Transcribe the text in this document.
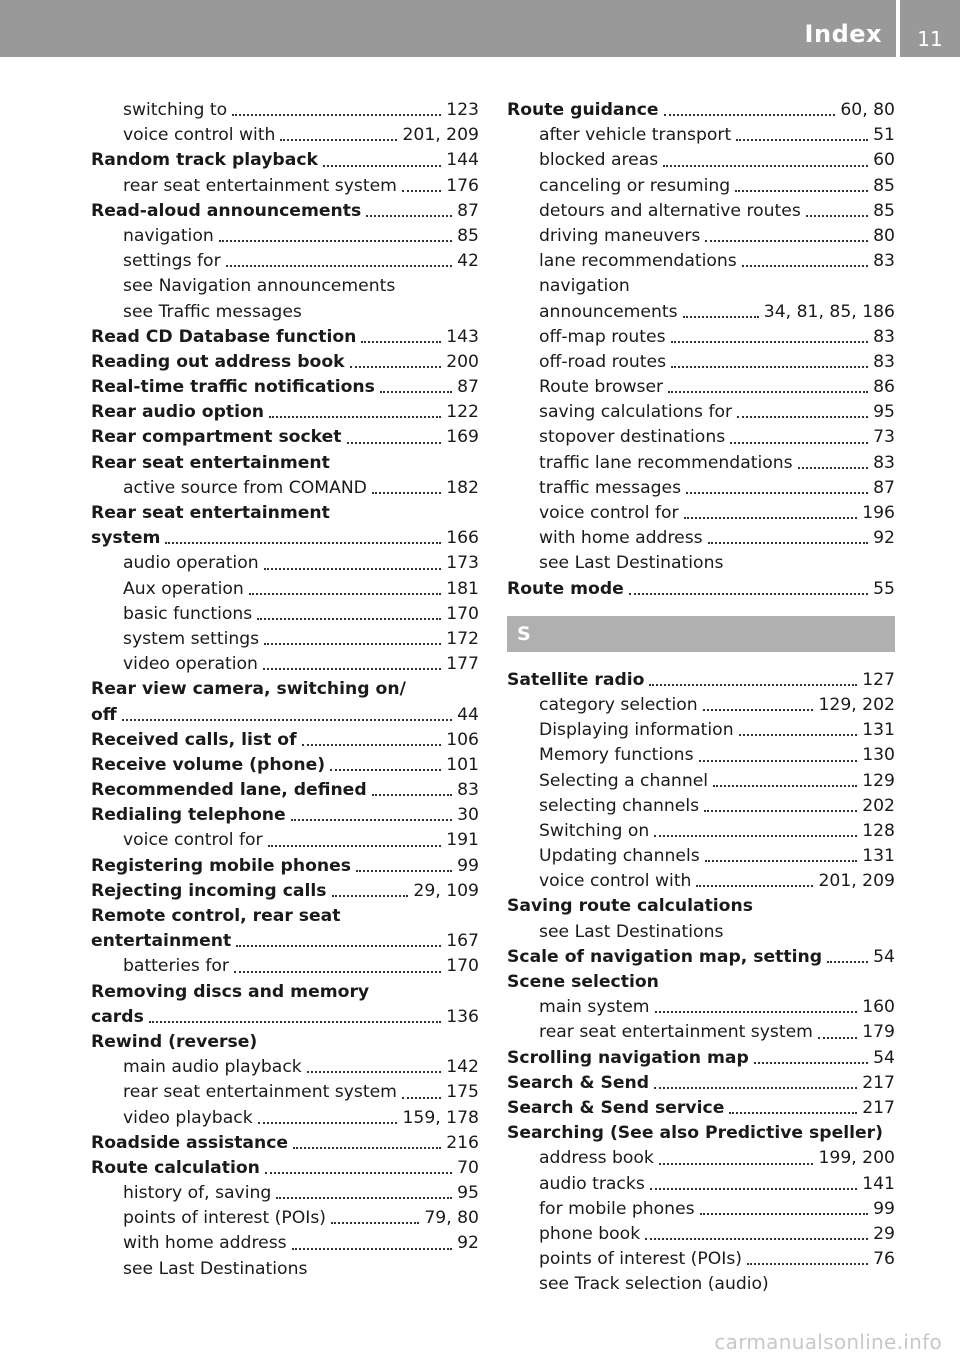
Index	11
switching to	123
voice control with	201, 209
Random track playback	144
rear seat entertainment system	176
Read-aloud announcements	87
navigation	85
settings for	42
see Navigation announcements
see Traffic messages
Read CD Database function	143
Reading out address book	200
Real-time traffic notifications	87
Rear audio option	122
Rear compartment socket	169
Rear seat entertainment
active source from COMAND	182
Rear seat entertainment
system	166
audio operation	173
Aux operation	181
basic functions	170
system settings	172
video operation	177
Rear view camera, switching on/
off	44
Received calls, list of	106
Receive volume (phone)	101
Recommended lane, defined	83
Redialing telephone	30
voice control for	191
Registering mobile phones	99
Rejecting incoming calls	29, 109
Remote control, rear seat
entertainment	167
batteries for	170
Removing discs and memory
cards	136
Rewind (reverse)
main audio playback	142
rear seat entertainment system	175
video playback	159, 178
Roadside assistance	216
Route calculation	70
history of, saving	95
points of interest (POIs)	79, 80
with home address	92
see Last Destinations
Route guidance	60, 80
after vehicle transport	51
blocked areas	60
canceling or resuming	85
detours and alternative routes	85
driving maneuvers	80
lane recommendations	83
navigation
announcements	34, 81, 85, 186
off-map routes	83
off-road routes	83
Route browser	86
saving calculations for	95
stopover destinations	73
traffic lane recommendations	83
traffic messages	87
voice control for	196
with home address	92
see Last Destinations
Route mode	55
S
Satellite radio	127
category selection	129, 202
Displaying information	131
Memory functions	130
Selecting a channel	129
selecting channels	202
Switching on	128
Updating channels	131
voice control with	201, 209
Saving route calculations
see Last Destinations
Scale of navigation map, setting	54
Scene selection
main system	160
rear seat entertainment system	179
Scrolling navigation map	54
Search & Send	217
Search & Send service	217
Searching (See also Predictive speller)
address book	199, 200
audio tracks	141
for mobile phones	99
phone book	29
points of interest (POIs)	76
see Track selection (audio)
carmanualsonline.info
